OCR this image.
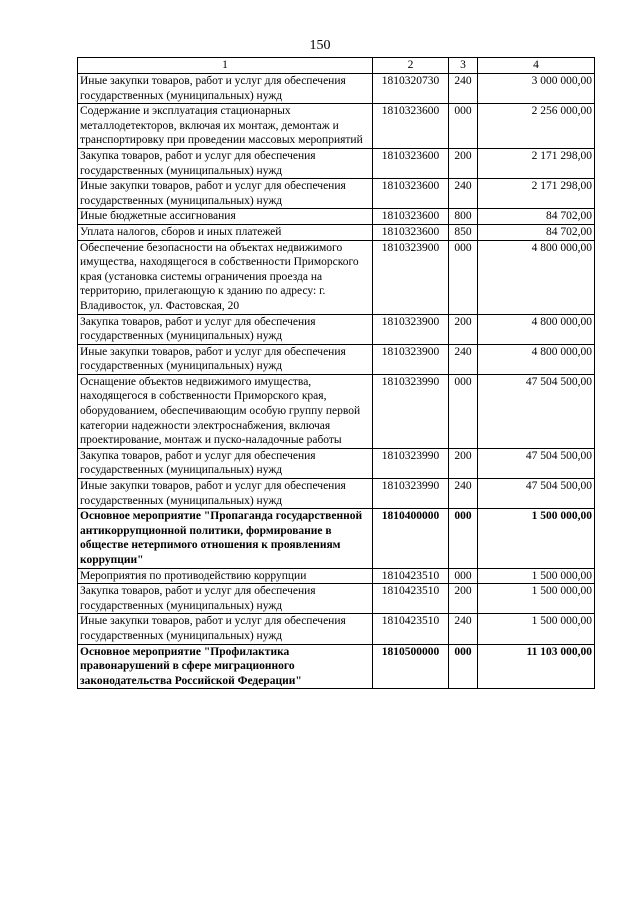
150
1	2	3	4
Иные закупки товаров, работ и услуг для обеспечения государственных (муниципальных) нужд	1810320730	240	3 000 000,00
Содержание и эксплуатация стационарных металлодетекторов, включая их монтаж, демонтаж и транспортировку при проведении массовых мероприятий	1810323600	000	2 256 000,00
Закупка товаров, работ и услуг для обеспечения государственных (муниципальных) нужд	1810323600	200	2 171 298,00
Иные закупки товаров, работ и услуг для обеспечения государственных (муниципальных) нужд	1810323600	240	2 171 298,00
Иные бюджетные ассигнования	1810323600	800	84 702,00
Уплата налогов, сборов и иных платежей	1810323600	850	84 702,00
Обеспечение безопасности на объектах недвижимого имущества, находящегося в собственности Приморского края (установка системы ограничения проезда на территорию, прилегающую к зданию по адресу: г. Владивосток, ул. Фастовская, 20	1810323900	000	4 800 000,00
Закупка товаров, работ и услуг для обеспечения государственных (муниципальных) нужд	1810323900	200	4 800 000,00
Иные закупки товаров, работ и услуг для обеспечения государственных (муниципальных) нужд	1810323900	240	4 800 000,00
Оснащение объектов недвижимого имущества, находящегося в собственности Приморского края, оборудованием, обеспечивающим особую группу первой категории надежности электроснабжения, включая проектирование, монтаж и пуско-наладочные работы	1810323990	000	47 504 500,00
Закупка товаров, работ и услуг для обеспечения государственных (муниципальных) нужд	1810323990	200	47 504 500,00
Иные закупки товаров, работ и услуг для обеспечения государственных (муниципальных) нужд	1810323990	240	47 504 500,00
Основное мероприятие "Пропаганда государственной антикоррупционной политики, формирование в обществе нетерпимого отношения к проявлениям коррупции"	1810400000	000	1 500 000,00
Мероприятия по противодействию коррупции	1810423510	000	1 500 000,00
Закупка товаров, работ и услуг для обеспечения государственных (муниципальных) нужд	1810423510	200	1 500 000,00
Иные закупки товаров, работ и услуг для обеспечения государственных (муниципальных) нужд	1810423510	240	1 500 000,00
Основное мероприятие "Профилактика правонарушений в сфере миграционного законодательства Российской Федерации"	1810500000	000	11 103 000,00
